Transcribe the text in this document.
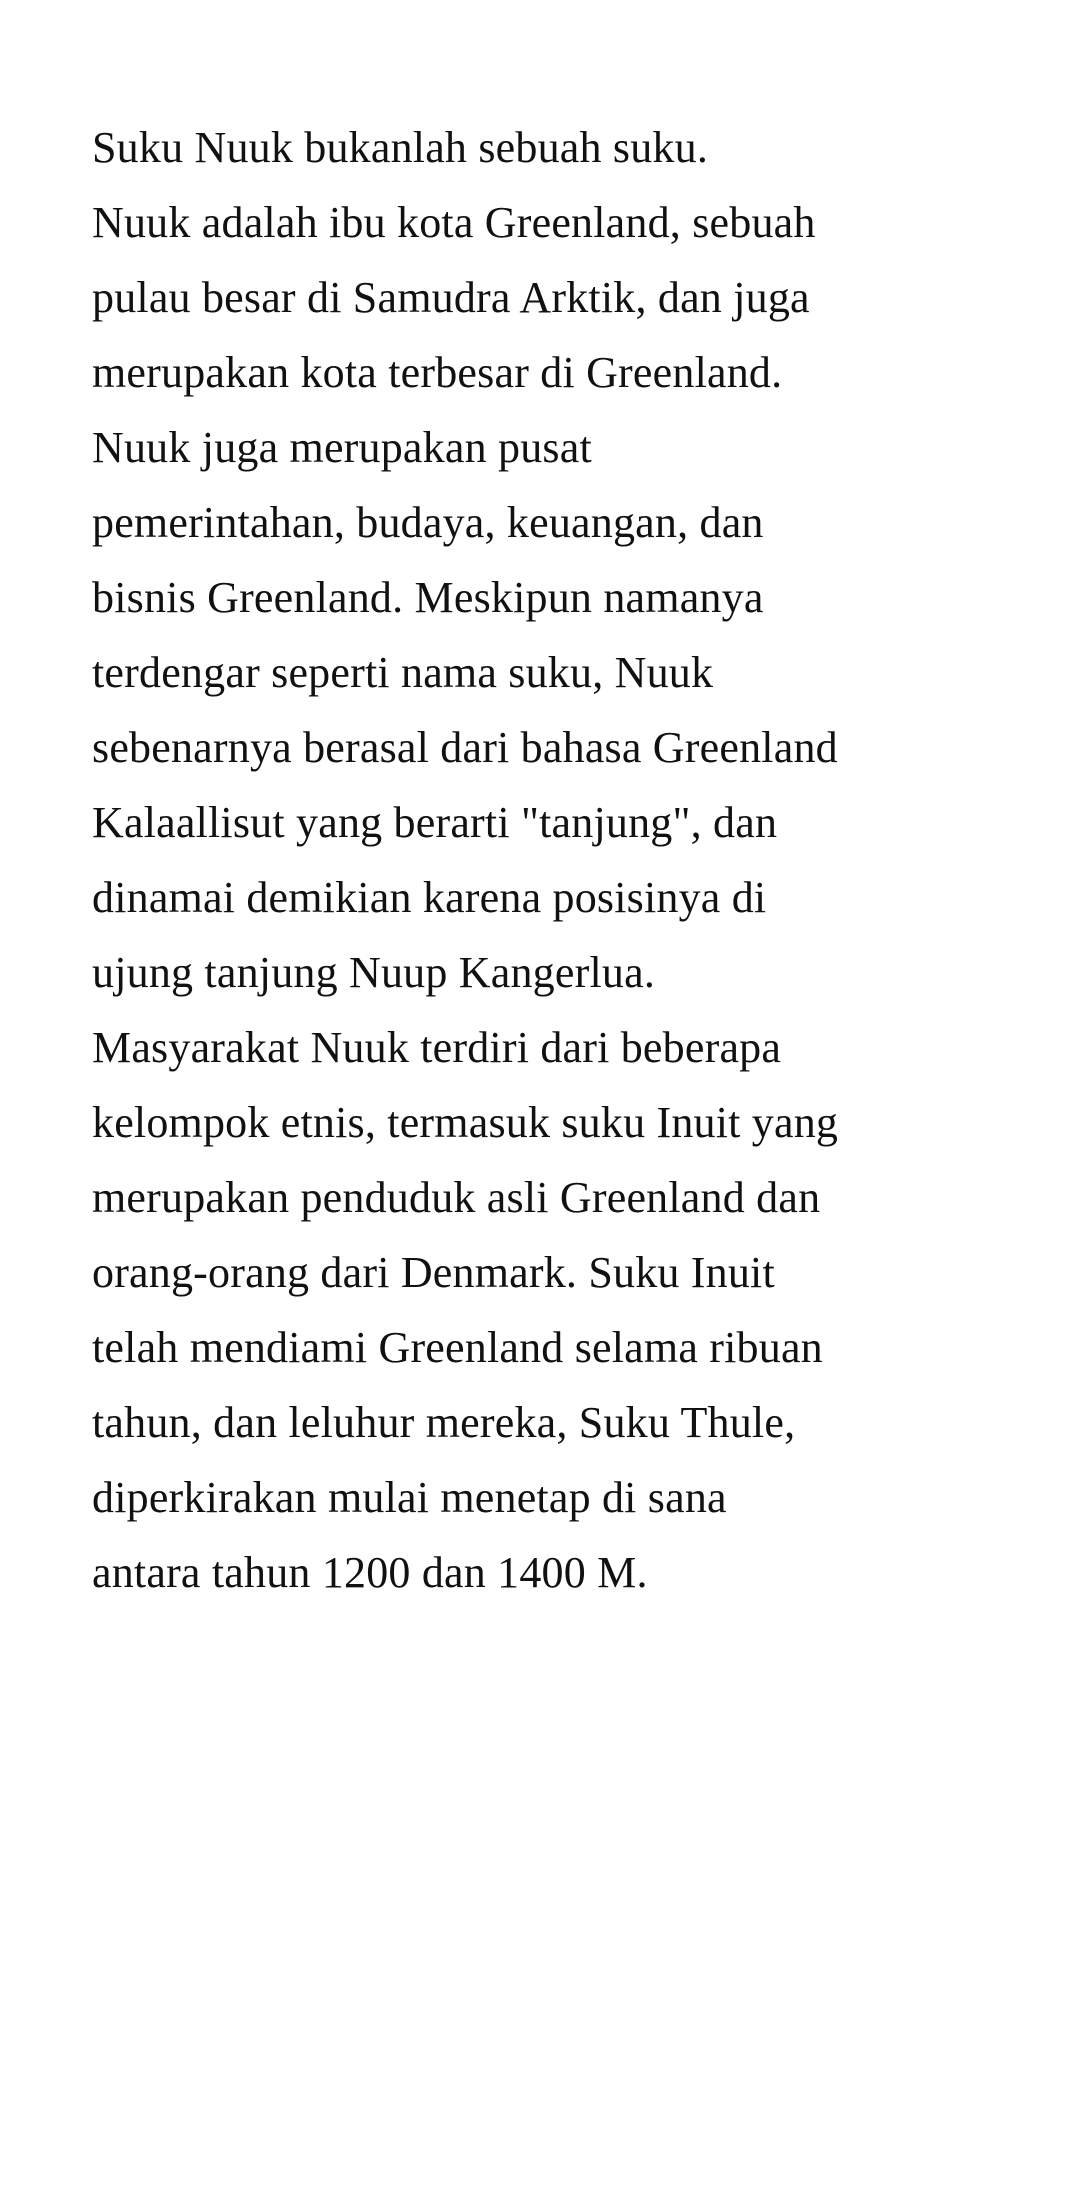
Suku Nuuk bukanlah sebuah suku.
Nuuk adalah ibu kota Greenland, sebuah
pulau besar di Samudra Arktik, dan juga
merupakan kota terbesar di Greenland.
Nuuk juga merupakan pusat
pemerintahan, budaya, keuangan, dan
bisnis Greenland. Meskipun namanya
terdengar seperti nama suku, Nuuk
sebenarnya berasal dari bahasa Greenland
Kalaallisut yang berarti "tanjung", dan
dinamai demikian karena posisinya di
ujung tanjung Nuup Kangerlua.
Masyarakat Nuuk terdiri dari beberapa
kelompok etnis, termasuk suku Inuit yang
merupakan penduduk asli Greenland dan
orang-orang dari Denmark. Suku Inuit
telah mendiami Greenland selama ribuan
tahun, dan leluhur mereka, Suku Thule,
diperkirakan mulai menetap di sana
antara tahun 1200 dan 1400 M.
